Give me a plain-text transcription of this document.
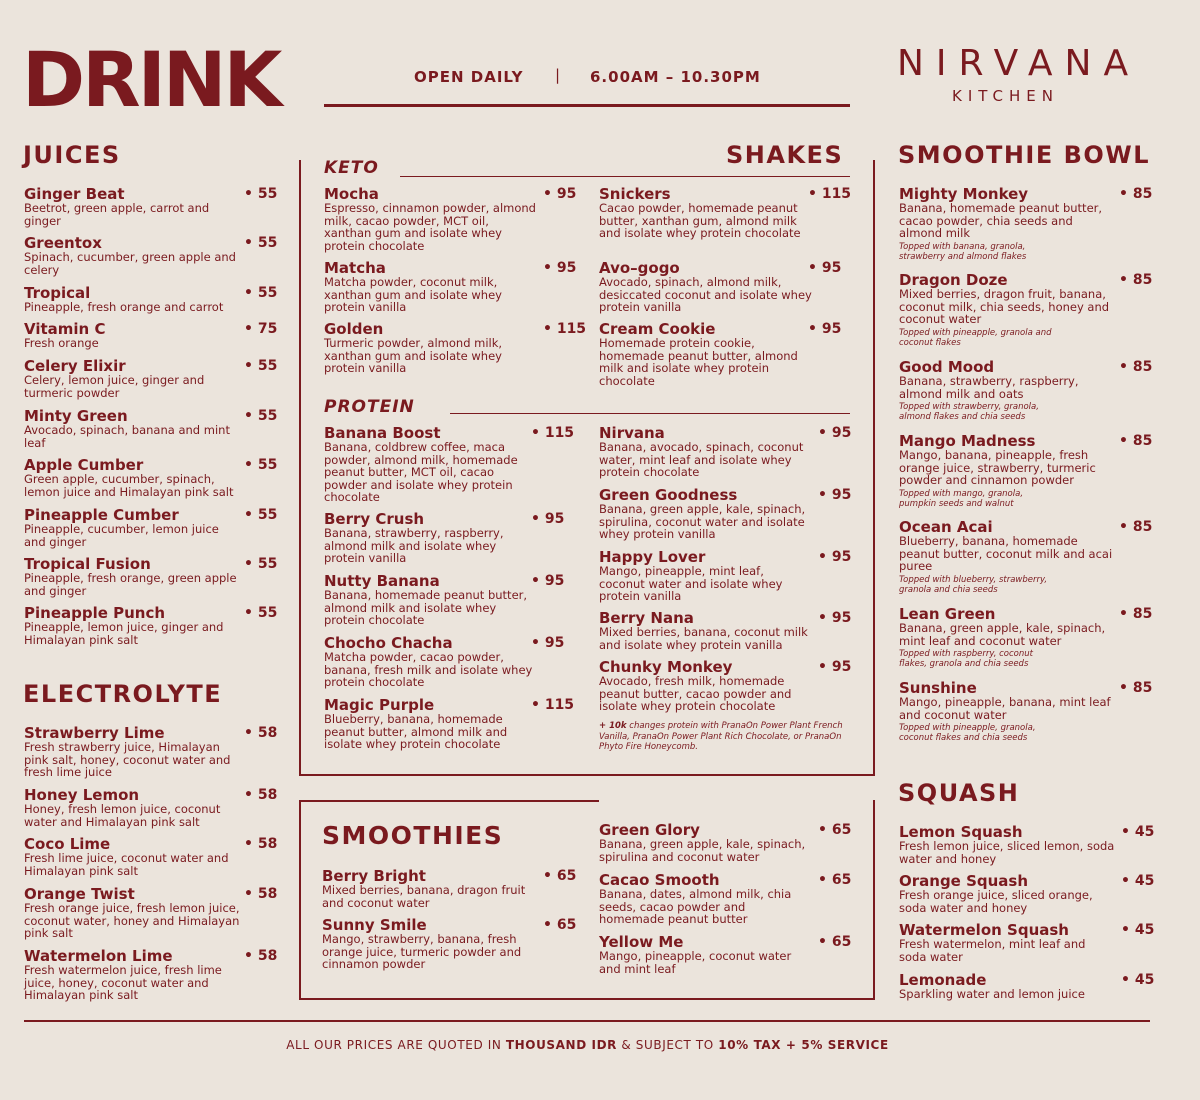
DRINK	OPEN DAILY | 6.00AM – 10.30PM	NIRVANA
KITCHEN
JUICES
Ginger Beat
Beetrot, green apple, carrot and ginger
• 55
Greentox
Spinach, cucumber, green apple and celery
• 55
Tropical
Pineapple, fresh orange and carrot
• 55
Vitamin C
Fresh orange
• 75
Celery Elixir
Celery, lemon juice, ginger and turmeric powder
• 55
Minty Green
Avocado, spinach, banana and mint leaf
• 55
Apple Cumber
Green apple, cucumber, spinach, lemon juice and Himalayan pink salt
• 55
Pineapple Cumber
Pineapple, cucumber, lemon juice and ginger
• 55
Tropical Fusion
Pineapple, fresh orange, green apple and ginger
• 55
Pineapple Punch
Pineapple, lemon juice, ginger and Himalayan pink salt
• 55
ELECTROLYTE
Strawberry Lime
Fresh strawberry juice, Himalayan pink salt, honey, coconut water and fresh lime juice
• 58
Honey Lemon
Honey, fresh lemon juice, coconut water and Himalayan pink salt
• 58
Coco Lime
Fresh lime juice, coconut water and Himalayan pink salt
• 58
Orange Twist
Fresh orange juice, fresh lemon juice, coconut water, honey and Himalayan pink salt
• 58
Watermelon Lime
Fresh watermelon juice, fresh lime juice, honey, coconut water and Himalayan pink salt
• 58
SHAKES
KETO
PROTEIN
Mocha
Espresso, cinnamon powder, almond milk, cacao powder, MCT oil, xanthan gum and isolate whey protein chocolate
• 95
Matcha
Matcha powder, coconut milk, xanthan gum and isolate whey protein vanilla
• 95
Golden
Turmeric powder, almond milk, xanthan gum and isolate whey protein vanilla
• 115
Snickers
Cacao powder, homemade peanut butter, xanthan gum, almond milk and isolate whey protein chocolate
• 115
Avo–gogo
Avocado, spinach, almond milk, desiccated coconut and isolate whey protein vanilla
• 95
Cream Cookie
Homemade protein cookie, homemade peanut butter, almond milk and isolate whey protein chocolate
• 95
Banana Boost
Banana, coldbrew coffee, maca powder, almond milk, homemade peanut butter, MCT oil, cacao powder and isolate whey protein chocolate
• 115
Berry Crush
Banana, strawberry, raspberry, almond milk and isolate whey protein vanilla
• 95
Nutty Banana
Banana, homemade peanut butter, almond milk and isolate whey protein chocolate
• 95
Chocho Chacha
Matcha powder, cacao powder, banana, fresh milk and isolate whey protein chocolate
• 95
Magic Purple
Blueberry, banana, homemade peanut butter, almond milk and isolate whey protein chocolate
• 115
Nirvana
Banana, avocado, spinach, coconut water, mint leaf and isolate whey protein chocolate
• 95
Green Goodness
Banana, green apple, kale, spinach, spirulina, coconut water and isolate whey protein vanilla
• 95
Happy Lover
Mango, pineapple, mint leaf, coconut water and isolate whey protein vanilla
• 95
Berry Nana
Mixed berries, banana, coconut milk and isolate whey protein vanilla
• 95
Chunky Monkey
Avocado, fresh milk, homemade peanut butter, cacao powder and isolate whey protein chocolate
• 95
+ 10k changes protein with PranaOn Power Plant French Vanilla, PranaOn Power Plant Rich Chocolate, or PranaOn Phyto Fire Honeycomb.
SMOOTHIES
Berry Bright
Mixed berries, banana, dragon fruit and coconut water
• 65
Sunny Smile
Mango, strawberry, banana, fresh orange juice, turmeric powder and cinnamon powder
• 65
Green Glory
Banana, green apple, kale, spinach, spirulina and coconut water
• 65
Cacao Smooth
Banana, dates, almond milk, chia seeds, cacao powder and homemade peanut butter
• 65
Yellow Me
Mango, pineapple, coconut water and mint leaf
• 65
SMOOTHIE BOWL
Mighty Monkey
Banana, homemade peanut butter, cacao powder, chia seeds and almond milk
Topped with banana, granola, strawberry and almond flakes
• 85
Dragon Doze
Mixed berries, dragon fruit, banana, coconut milk, chia seeds, honey and coconut water
Topped with pineapple, granola and coconut flakes
• 85
Good Mood
Banana, strawberry, raspberry, almond milk and oats
Topped with strawberry, granola, almond flakes and chia seeds
• 85
Mango Madness
Mango, banana, pineapple, fresh orange juice, strawberry, turmeric powder and cinnamon powder
Topped with mango, granola, pumpkin seeds and walnut
• 85
Ocean Acai
Blueberry, banana, homemade peanut butter, coconut milk and acai puree
Topped with blueberry, strawberry, granola and chia seeds
• 85
Lean Green
Banana, green apple, kale, spinach, mint leaf and coconut water
Topped with raspberry, coconut flakes, granola and chia seeds
• 85
Sunshine
Mango, pineapple, banana, mint leaf and coconut water
Topped with pineapple, granola, coconut flakes and chia seeds
• 85
SQUASH
Lemon Squash
Fresh lemon juice, sliced lemon, soda water and honey
• 45
Orange Squash
Fresh orange juice, sliced orange, soda water and honey
• 45
Watermelon Squash
Fresh watermelon, mint leaf and soda water
• 45
Lemonade
Sparkling water and lemon juice
• 45
ALL OUR PRICES ARE QUOTED IN THOUSAND IDR & SUBJECT TO 10% TAX + 5% SERVICE
